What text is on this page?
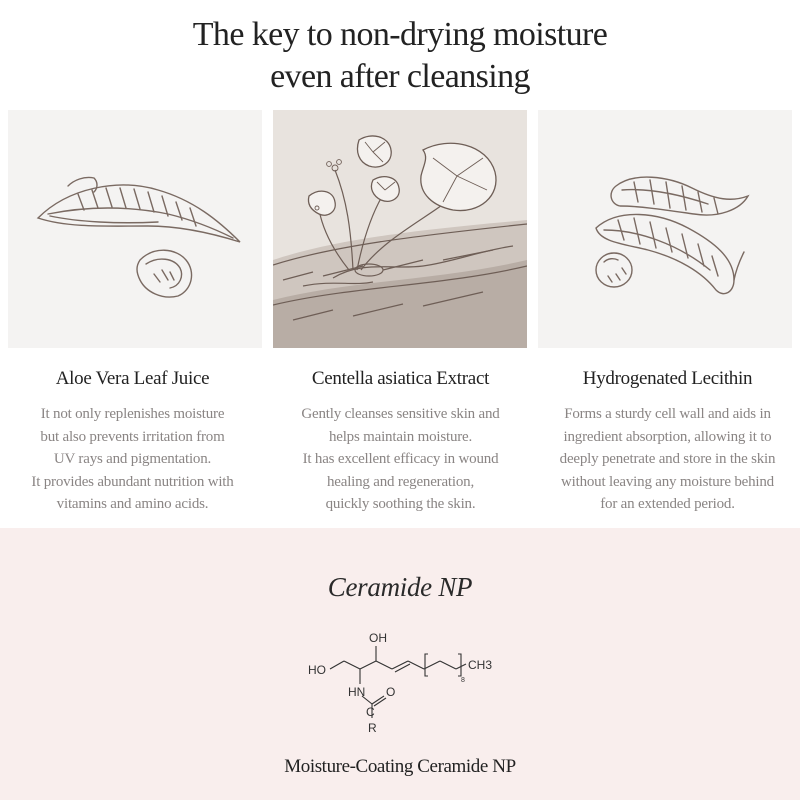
The key to non-drying moisture
even after cleansing
Aloe Vera Leaf Juice	Centella asiatica Extract	Hydrogenated Lecithin
It not only replenishes moisture
but also prevents irritation from
UV rays and pigmentation.
It provides abundant nutrition with
vitamins and amino acids.
Gently cleanses sensitive skin and
helps maintain moisture.
It has excellent efficacy in wound
healing and regeneration,
quickly soothing the skin.
Forms a sturdy cell wall and aids in
ingredient absorption, allowing it to
deeply penetrate and store in the skin
without leaving any moisture behind
for an extended period.
Ceramide NP
OH
HO
HN
C
O
R
8
CH3
Moisture-Coating Ceramide NP
